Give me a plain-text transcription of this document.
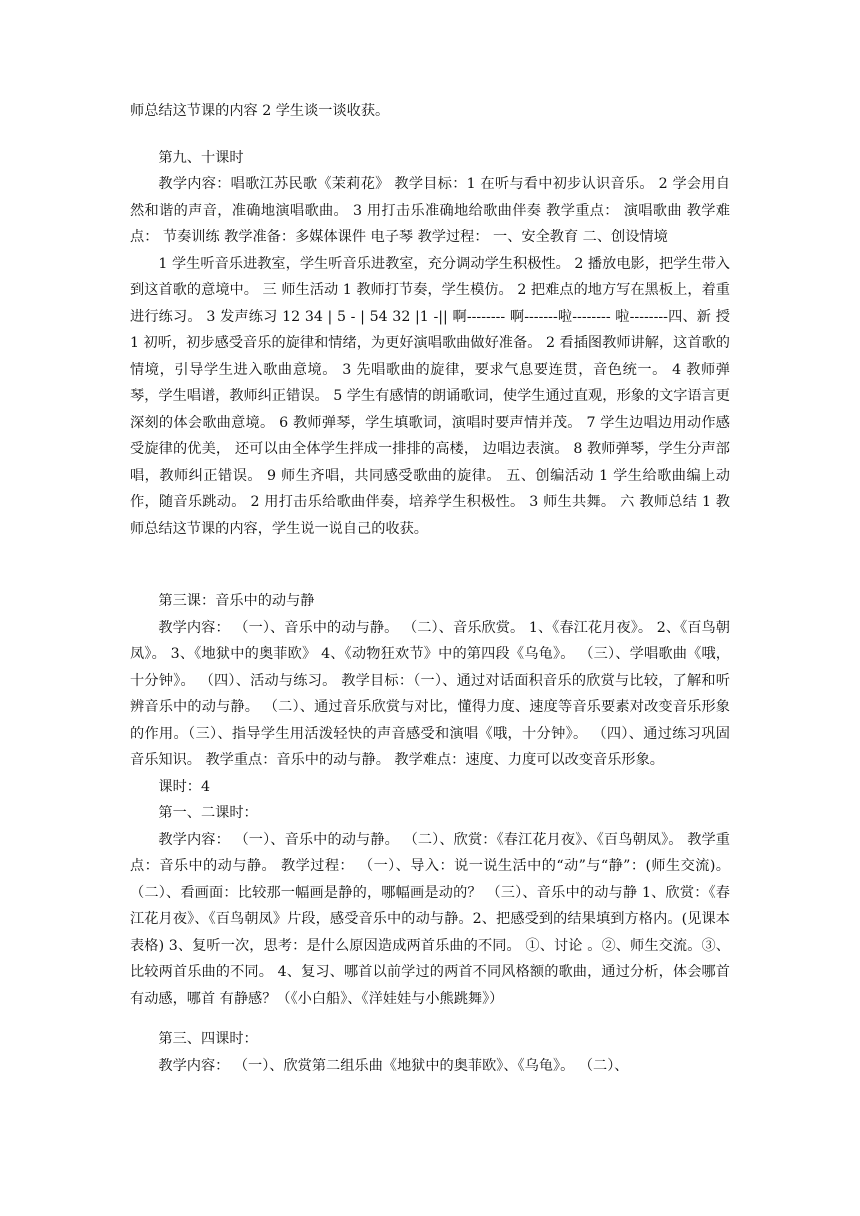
师总结这节课的内容 2 学生谈一谈收获。

第九、十课时

教学内容：唱歌江苏民歌《茉莉花》 教学目标：1 在听与看中初步认识音乐。 2 学会用自然和谐的声音，准确地演唱歌曲。 3 用打击乐准确地给歌曲伴奏 教学重点： 演唱歌曲 教学难点： 节奏训练 教学准备：多媒体课件 电子琴 教学过程： 一、安全教育 二、创设情境

1 学生听音乐进教室，学生听音乐进教室，充分调动学生积极性。 2 播放电影，把学生带入到这首歌的意境中。 三 师生活动 1 教师打节奏，学生模仿。 2 把难点的地方写在黑板上，着重进行练习。 3 发声练习 12 34 | 5 - | 54 32 |1 -|| 啊-------- 啊-------啦-------- 啦--------四、新 授 1 初听，初步感受音乐的旋律和情绪，为更好演唱歌曲做好准备。 2 看插图教师讲解，这首歌的情境，引导学生进入歌曲意境。 3 先唱歌曲的旋律，要求气息要连贯，音色统一。 4 教师弹琴，学生唱谱，教师纠正错误。 5 学生有感情的朗诵歌词，使学生通过直观，形象的文字语言更深刻的体会歌曲意境。 6 教师弹琴，学生填歌词，演唱时要声情并茂。 7 学生边唱边用动作感受旋律的优美， 还可以由全体学生拌成一排排的高楼， 边唱边表演。 8 教师弹琴，学生分声部唱，教师纠正错误。 9 师生齐唱，共同感受歌曲的旋律。 五、创编活动 1 学生给歌曲编上动作，随音乐跳动。 2 用打击乐给歌曲伴奏，培养学生积极性。 3 师生共舞。 六 教师总结 1 教师总结这节课的内容，学生说一说自己的收获。

第三课：音乐中的动与静

教学内容： （一）、音乐中的动与静。 （二）、音乐欣赏。 1、《春江花月夜》。 2、《百鸟朝凤》。 3、《地狱中的奥菲欧》 4、《动物狂欢节》中的第四段《乌龟》。 （三）、学唱歌曲《哦，十分钟》。 （四）、活动与练习。 教学目标：（一）、通过对话面积音乐的欣赏与比较，了解和听辨音乐中的动与静。 （二）、通过音乐欣赏与对比，懂得力度、速度等音乐要素对改变音乐形象的作用。（三）、指导学生用活泼轻快的声音感受和演唱《哦，十分钟》。 （四）、通过练习巩固音乐知识。 教学重点：音乐中的动与静。 教学难点：速度、力度可以改变音乐形象。

课时：4

第一、二课时：

教学内容： （一）、音乐中的动与静。 （二）、欣赏：《春江花月夜》、《百鸟朝凤》。 教学重点：音乐中的动与静。 教学过程： （一）、导入：说一说生活中的“动”与“静”：(师生交流)。 （二）、看画面：比较那一幅画是静的，哪幅画是动的？ （三）、音乐中的动与静 1、欣赏：《春江花月夜》、《百鸟朝凤》片段，感受音乐中的动与静。2、把感受到的结果填到方格内。(见课本表格) 3、复听一次，思考：是什么原因造成两首乐曲的不同。 ①、讨论 。②、师生交流。③、比较两首乐曲的不同。 4、复习、哪首以前学过的两首不同风格额的歌曲，通过分析，体会哪首有动感，哪首 有静感？（《小白船》、《洋娃娃与小熊跳舞》）

第三、四课时：

教学内容： （一）、欣赏第二组乐曲《地狱中的奥菲欧》、《乌龟》。 （二）、
